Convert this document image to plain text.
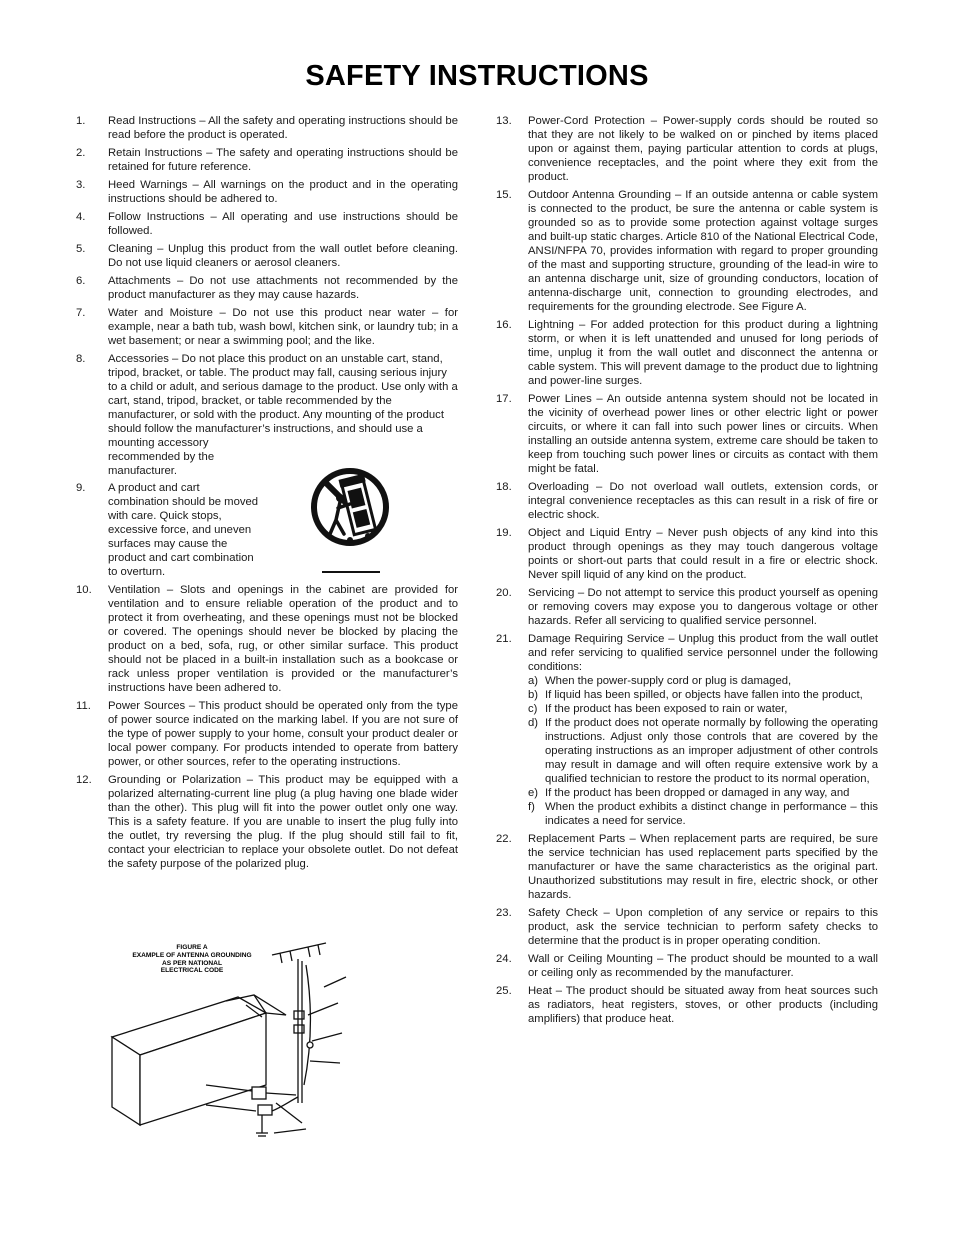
SAFETY INSTRUCTIONS
1. Read Instructions – All the safety and operating instructions should be read before the product is operated.
2. Retain Instructions – The safety and operating instructions should be retained for future reference.
3. Heed Warnings – All warnings on the product and in the operating instructions should be adhered to.
4. Follow Instructions – All operating and use instructions should be followed.
5. Cleaning – Unplug this product from the wall outlet before cleaning. Do not use liquid cleaners or aerosol cleaners.
6. Attachments – Do not use attachments not recommended by the product manufacturer as they may cause hazards.
7. Water and Moisture – Do not use this product near water – for example, near a bath tub, wash bowl, kitchen sink, or laundry tub; in a wet basement; or near a swimming pool; and the like.
8. Accessories – Do not place this product on an unstable cart, stand, tripod, bracket, or table. The product may fall, causing serious injury to a child or adult, and serious damage to the product. Use only with a cart, stand, tripod, bracket, or table recommended by the manufacturer, or sold with the product. Any mounting of the product should follow the manufacturer’s instructions, and should use a
mounting accessory recommended by the manufacturer.
9. A product and cart combination should be moved with care. Quick stops, excessive force, and uneven surfaces may cause the product and cart combination to overturn.
10. Ventilation – Slots and openings in the cabinet are provided for ventilation and to ensure reliable operation of the product and to protect it from overheating, and these openings must not be blocked or covered. The openings should never be blocked by placing the product on a bed, sofa, rug, or other similar surface. This product should not be placed in a built-in installation such as a bookcase or rack unless proper ventilation is provided or the manufacturer’s instructions have been adhered to.
11. Power Sources – This product should be operated only from the type of power source indicated on the marking label. If you are not sure of the type of power supply to your home, consult your product dealer or local power company. For products intended to operate from battery power, or other sources, refer to the operating instructions.
12. Grounding or Polarization – This product may be equipped with a polarized alternating-current line plug (a plug having one blade wider than the other). This plug will fit into the power outlet only one way. This is a safety feature. If you are unable to insert the plug fully into the outlet, try reversing the plug. If the plug should still fail to fit, contact your electrician to replace your obsolete outlet. Do not defeat the safety purpose of the polarized plug.
FIGURE A
EXAMPLE OF ANTENNA GROUNDING
AS PER NATIONAL
ELECTRICAL CODE
13. Power-Cord Protection – Power-supply cords should be routed so that they are not likely to be walked on or pinched by items placed upon or against them, paying particular attention to cords at plugs, convenience receptacles, and the point where they exit from the product.
15. Outdoor Antenna Grounding – If an outside antenna or cable system is connected to the product, be sure the antenna or cable system is grounded so as to provide some protection against voltage surges and built-up static charges. Article 810 of the National Electrical Code, ANSI/NFPA 70, provides information with regard to proper grounding of the mast and supporting structure, grounding of the lead-in wire to an antenna discharge unit, size of grounding conductors, location of antenna-discharge unit, connection to grounding electrodes, and requirements for the grounding electrode. See Figure A.
16. Lightning – For added protection for this product during a lightning storm, or when it is left unattended and unused for long periods of time, unplug it from the wall outlet and disconnect the antenna or cable system. This will prevent damage to the product due to lightning and power-line surges.
17. Power Lines – An outside antenna system should not be located in the vicinity of overhead power lines or other electric light or power circuits, or where it can fall into such power lines or circuits. When installing an outside antenna system, extreme care should be taken to keep from touching such power lines or circuits as contact with them might be fatal.
18. Overloading – Do not overload wall outlets, extension cords, or integral convenience receptacles as this can result in a risk of fire or electric shock.
19. Object and Liquid Entry – Never push objects of any kind into this product through openings as they may touch dangerous voltage points or short-out parts that could result in a fire or electric shock. Never spill liquid of any kind on the product.
20. Servicing – Do not attempt to service this product yourself as opening or removing covers may expose you to dangerous voltage or other hazards. Refer all servicing to qualified service personnel.
21. Damage Requiring Service – Unplug this product from the wall outlet and refer servicing to qualified service personnel under the following conditions:
a) When the power-supply cord or plug is damaged,
b) If liquid has been spilled, or objects have fallen into the product,
c) If the product has been exposed to rain or water,
d) If the product does not operate normally by following the operating instructions. Adjust only those controls that are covered by the operating instructions as an improper adjustment of other controls may result in damage and will often require extensive work by a qualified technician to restore the product to its normal operation,
e) If the product has been dropped or damaged in any way, and
f) When the product exhibits a distinct change in performance – this indicates a need for service.
22. Replacement Parts – When replacement parts are required, be sure the service technician has used replacement parts specified by the manufacturer or have the same characteristics as the original part. Unauthorized substitutions may result in fire, electric shock, or other hazards.
23. Safety Check – Upon completion of any service or repairs to this product, ask the service technician to perform safety checks to determine that the product is in proper operating condition.
24. Wall or Ceiling Mounting – The product should be mounted to a wall or ceiling only as recommended by the manufacturer.
25. Heat – The product should be situated away from heat sources such as radiators, heat registers, stoves, or other products (including amplifiers) that produce heat.
